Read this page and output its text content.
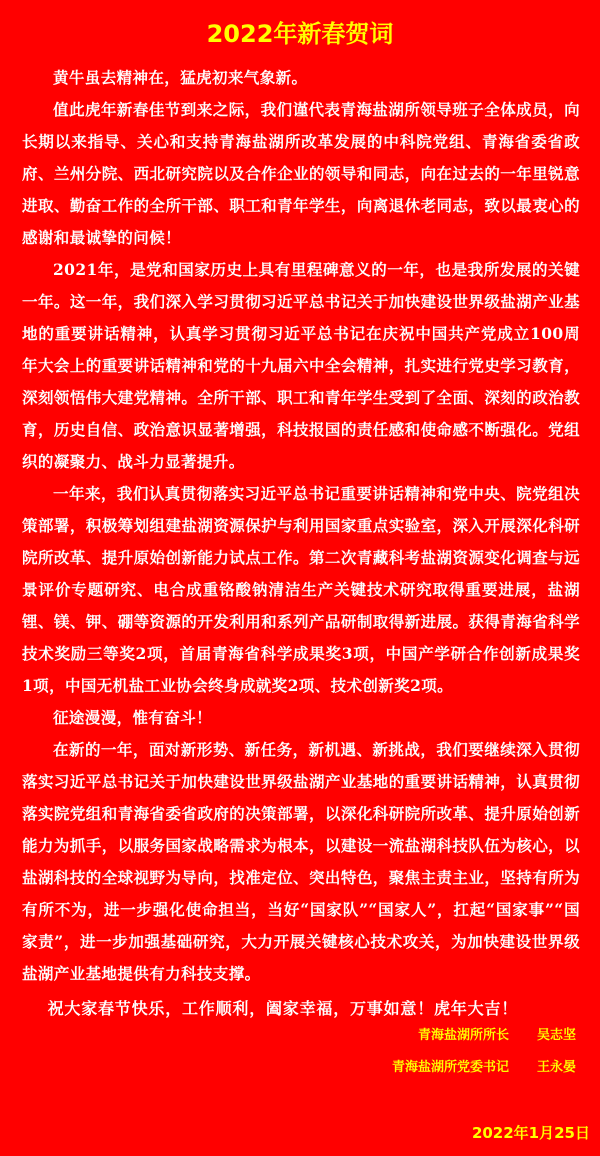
2022年新春贺词

黄牛虽去精神在，猛虎初来气象新。

值此虎年新春佳节到来之际，我们谨代表青海盐湖所领导班子全体成员，向长期以来指导、关心和支持青海盐湖所改革发展的中科院党组、青海省委省政府、兰州分院、西北研究院以及合作企业的领导和同志，向在过去的一年里锐意进取、勤奋工作的全所干部、职工和青年学生，向离退休老同志，致以最衷心的感谢和最诚挚的问候！

2021年，是党和国家历史上具有里程碑意义的一年，也是我所发展的关键一年。这一年，我们深入学习贯彻习近平总书记关于加快建设世界级盐湖产业基地的重要讲话精神，认真学习贯彻习近平总书记在庆祝中国共产党成立100周年大会上的重要讲话精神和党的十九届六中全会精神，扎实进行党史学习教育，深刻领悟伟大建党精神。全所干部、职工和青年学生受到了全面、深刻的政治教育，历史自信、政治意识显著增强，科技报国的责任感和使命感不断强化。党组织的凝聚力、战斗力显著提升。

一年来，我们认真贯彻落实习近平总书记重要讲话精神和党中央、院党组决策部署，积极筹划组建盐湖资源保护与利用国家重点实验室，深入开展深化科研院所改革、提升原始创新能力试点工作。第二次青藏科考盐湖资源变化调查与远景评价专题研究、电合成重铬酸钠清洁生产关键技术研究取得重要进展，盐湖锂、镁、钾、硼等资源的开发利用和系列产品研制取得新进展。获得青海省科学技术奖励三等奖2项，首届青海省科学成果奖3项，中国产学研合作创新成果奖1项，中国无机盐工业协会终身成就奖2项、技术创新奖2项。

征途漫漫，惟有奋斗！

在新的一年，面对新形势、新任务，新机遇、新挑战，我们要继续深入贯彻落实习近平总书记关于加快建设世界级盐湖产业基地的重要讲话精神，认真贯彻落实院党组和青海省委省政府的决策部署，以深化科研院所改革、提升原始创新能力为抓手，以服务国家战略需求为根本，以建设一流盐湖科技队伍为核心，以盐湖科技的全球视野为导向，找准定位、突出特色，聚焦主责主业，坚持有所为有所不为，进一步强化使命担当，当好“国家队”“国家人”，扛起“国家事”“国家责”，进一步加强基础研究，大力开展关键核心技术攻关，为加快建设世界级盐湖产业基地提供有力科技支撑。

祝大家春节快乐，工作顺利，阖家幸福，万事如意！虎年大吉！

青海盐湖所所长 吴志坚
青海盐湖所党委书记 王永晏
2022年1月25日
